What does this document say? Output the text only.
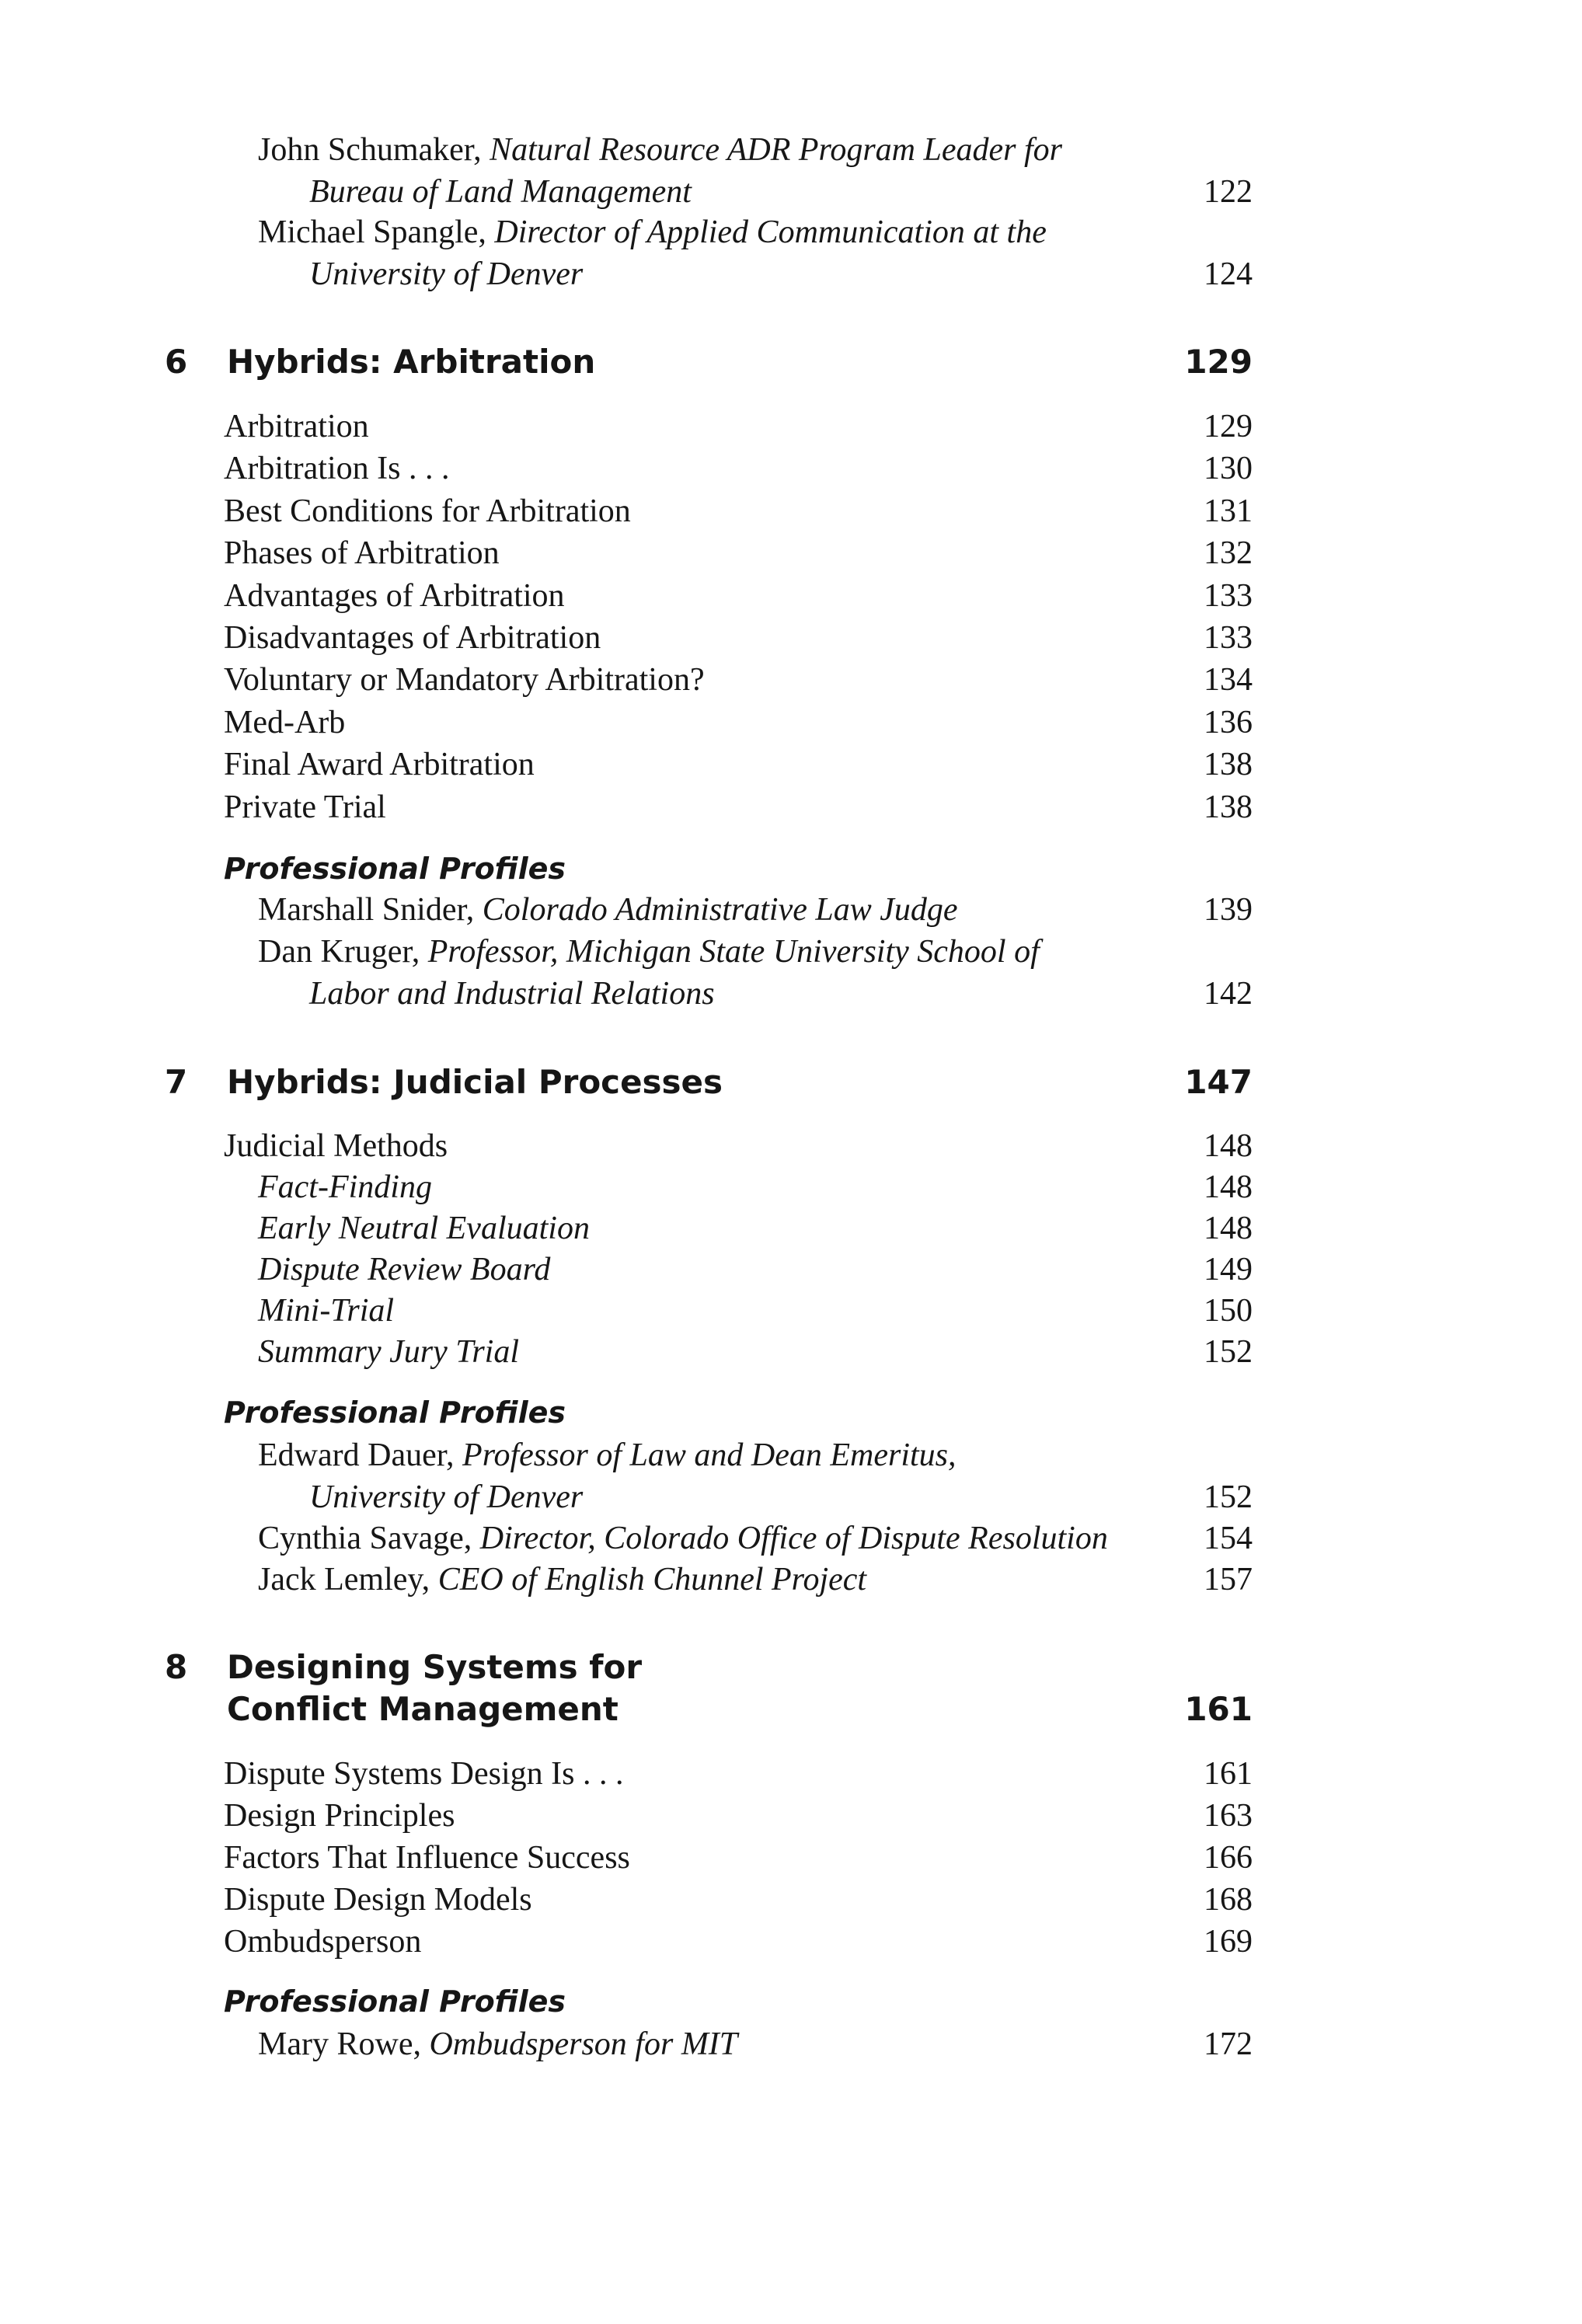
John Schumaker, Natural Resource ADR Program Leader for
Bureau of Land Management	122
Michael Spangle, Director of Applied Communication at the
University of Denver	124
6 Hybrids: Arbitration	129
Arbitration	129
Arbitration Is . . .	130
Best Conditions for Arbitration	131
Phases of Arbitration	132
Advantages of Arbitration	133
Disadvantages of Arbitration	133
Voluntary or Mandatory Arbitration?	134
Med-Arb	136
Final Award Arbitration	138
Private Trial	138
Professional Profiles
Marshall Snider, Colorado Administrative Law Judge	139
Dan Kruger, Professor, Michigan State University School of
Labor and Industrial Relations	142
7 Hybrids: Judicial Processes	147
Judicial Methods	148
Fact-Finding	148
Early Neutral Evaluation	148
Dispute Review Board	149
Mini-Trial	150
Summary Jury Trial	152
Professional Profiles
Edward Dauer, Professor of Law and Dean Emeritus,
University of Denver	152
Cynthia Savage, Director, Colorado Office of Dispute Resolution	154
Jack Lemley, CEO of English Chunnel Project	157
8 Designing Systems for
Conflict Management	161
Dispute Systems Design Is . . .	161
Design Principles	163
Factors That Influence Success	166
Dispute Design Models	168
Ombudsperson	169
Professional Profiles
Mary Rowe, Ombudsperson for MIT	172
